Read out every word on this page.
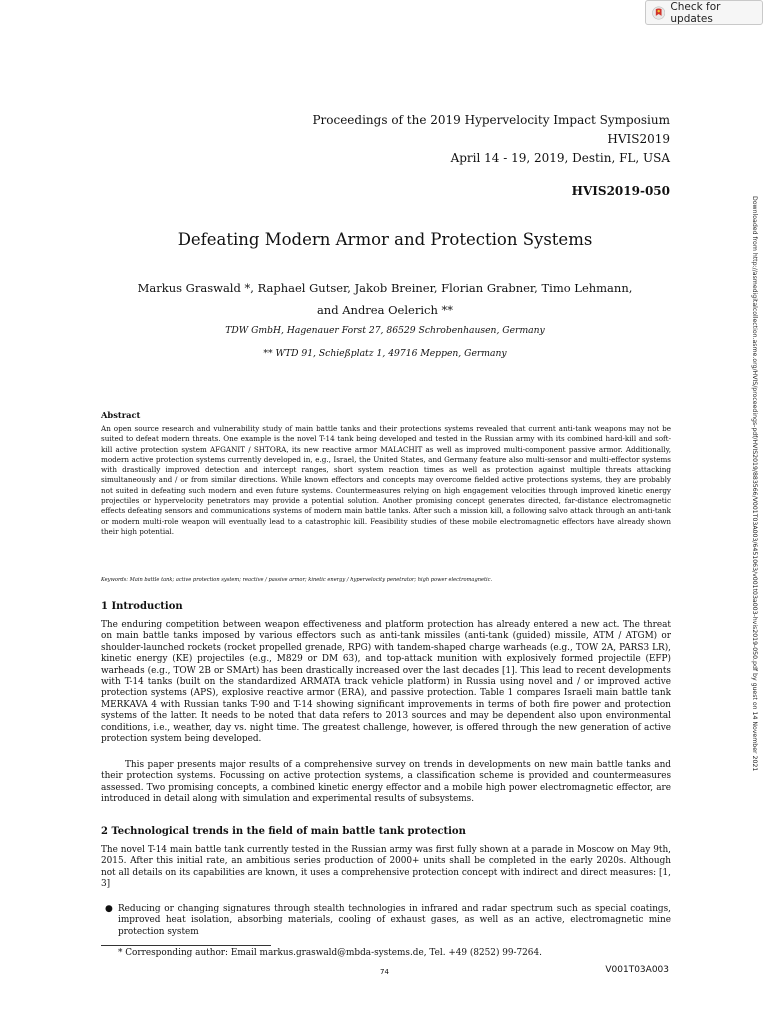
Check for updates
Downloaded from http://asmedigitalcollection.asme.org/HVIS/proceedings-pdf/HVIS2019/883566/V001T03A003/6451063/v001t03a003-hvis2019-050.pdf by guest on 14 November 2021
Proceedings of the 2019 Hypervelocity Impact Symposium
HVIS2019
April 14 - 19, 2019, Destin, FL, USA
HVIS2019-050
Defeating Modern Armor and Protection Systems
Markus Graswald *, Raphael Gutser, Jakob Breiner, Florian Grabner, Timo Lehmann,
and Andrea Oelerich **
TDW GmbH, Hagenauer Forst 27, 86529 Schrobenhausen, Germany
** WTD 91, Schießplatz 1, 49716 Meppen, Germany
Abstract
An open source research and vulnerability study of main battle tanks and their protections systems revealed that current anti-tank weapons may not be suited to defeat modern threats. One example is the novel T-14 tank being developed and tested in the Russian army with its combined hard-kill and soft-kill active protection system AFGANIT / SHTORA, its new reactive armor MALACHIT as well as improved multi-component passive armor. Additionally, modern active protection systems currently developed in, e.g., Israel, the United States, and Germany feature also multi-sensor and multi-effector systems with drastically improved detection and intercept ranges, short system reaction times as well as protection against multiple threats attacking simultaneously and / or from similar directions. While known effectors and concepts may overcome fielded active protections systems, they are probably not suited in defeating such modern and even future systems. Countermeasures relying on high engagement velocities through improved kinetic energy projectiles or hypervelocity penetrators may provide a potential solution. Another promising concept generates directed, far-distance electromagnetic effects defeating sensors and communications systems of modern main battle tanks. After such a mission kill, a following salvo attack through an anti-tank or modern multi-role weapon will eventually lead to a catastrophic kill. Feasibility studies of these mobile electromagnetic effectors have already shown their high potential.
Keywords: Main battle tank; active protection system; reactive / passive armor; kinetic energy / hypervelocity penetrator; high power electromagnetic.
1 Introduction

The enduring competition between weapon effectiveness and platform protection has already entered a new act. The threat on main battle tanks imposed by various effectors such as anti-tank missiles (anti-tank (guided) missile, ATM / ATGM) or shoulder-launched rockets (rocket propelled grenade, RPG) with tandem-shaped charge warheads (e.g., TOW 2A, PARS3 LR), kinetic energy (KE) projectiles (e.g., M829 or DM 63), and top-attack munition with explosively formed projectile (EFP) warheads (e.g., TOW 2B or SMArt) has been drastically increased over the last decades [1]. This lead to recent developments with T-14 tanks (built on the standardized ARMATA track vehicle platform) in Russia using novel and / or improved active protection systems (APS), explosive reactive armor (ERA), and passive protection. Table 1 compares Israeli main battle tank MERKAVA 4 with Russian tanks T-90 and T-14 showing significant improvements in terms of both fire power and protection systems of the latter. It needs to be noted that data refers to 2013 sources and may be dependent also upon environmental conditions, i.e., weather, day vs. night time. The greatest challenge, however, is offered through the new generation of active protection system being developed.

This paper presents major results of a comprehensive survey on trends in developments on new main battle tanks and their protection systems. Focussing on active protection systems, a classification scheme is provided and countermeasures assessed. Two promising concepts, a combined kinetic energy effector and a mobile high power electromagnetic effector, are introduced in detail along with simulation and experimental results of subsystems.

2 Technological trends in the field of main battle tank protection

The novel T-14 main battle tank currently tested in the Russian army was first fully shown at a parade in Moscow on May 9th, 2015. After this initial rate, an ambitious series production of 2000+ units shall be completed in the early 2020s. Although not all details on its capabilities are known, it uses a comprehensive protection concept with indirect and direct measures: [1, 3]

● Reducing or changing signatures through stealth technologies in infrared and radar spectrum such as special coatings, improved heat isolation, absorbing materials, cooling of exhaust gases, as well as an active, electromagnetic mine protection system
* Corresponding author: Email markus.graswald@mbda-systems.de, Tel. +49 (8252) 99-7264.
74	V001T03A003
